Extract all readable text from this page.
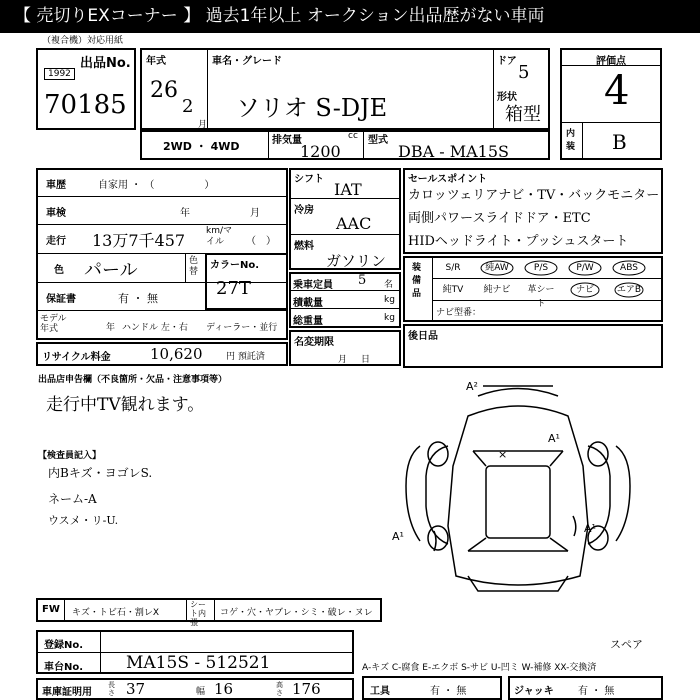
【 売切りEXコーナー 】 過去1年以上 オークション出品歴がない車両
（複合機）対応用紙
出品No.
1992
70185
年式
26
2
月
車名・グレード
ソリオ S-DJE
ドア
5
形状
箱型
評価点
4
内装 B
2WD ・ 4WD	排気量	cc
1200
型式
DBA - MA15S
車歴	自家用 ・ （　　　　　）
車検	年	月
走行 13万7千457 km/マイル	（　）
色 パール	色替
保証書	有 ・ 無
モデル年式	年 ハンドル 左・右 ディーラー・並行
カラーNo.
27T
リサイクル料金	10,620	円 預託済
シフト
IAT
冷房
AAC
燃料
ガソリン
乗車定員 5 名
積載量	kg
総重量	kg
名変期限
月日
セールスポイント
カロッツェリアナビ・TV・バックモニター
両側パワースライドドア・ETC
HIDヘッドライト・プッシュスタート
装備品
S/R	純AW	P/S	P/W	ABS
純TV	純ナビ	革シート
ナビ	エアB
ナビ型番：
後日品
出品店申告欄（不良箇所・欠品・注意事項等）
走行中TV観れます。
【検査員記入】
内Bキズ・ヨゴレS.
ネーム-A
ウスメ・リ-U.
A²
×
A¹
A¹
A¹
FW キズ・トビ石・割レX
シート内張
コゲ・穴・ヤブレ・シミ・破レ・ヌレ
登録No.
車台No.	MA15S - 512521
車庫証明用
長さ 37	幅 16	高さ 176
スペア
A-キズ C-腐食 E-エクボ S-サビ U-凹ミ W-補修 XX-交換済
工具	有 ・ 無	ジャッキ 有 ・ 無
